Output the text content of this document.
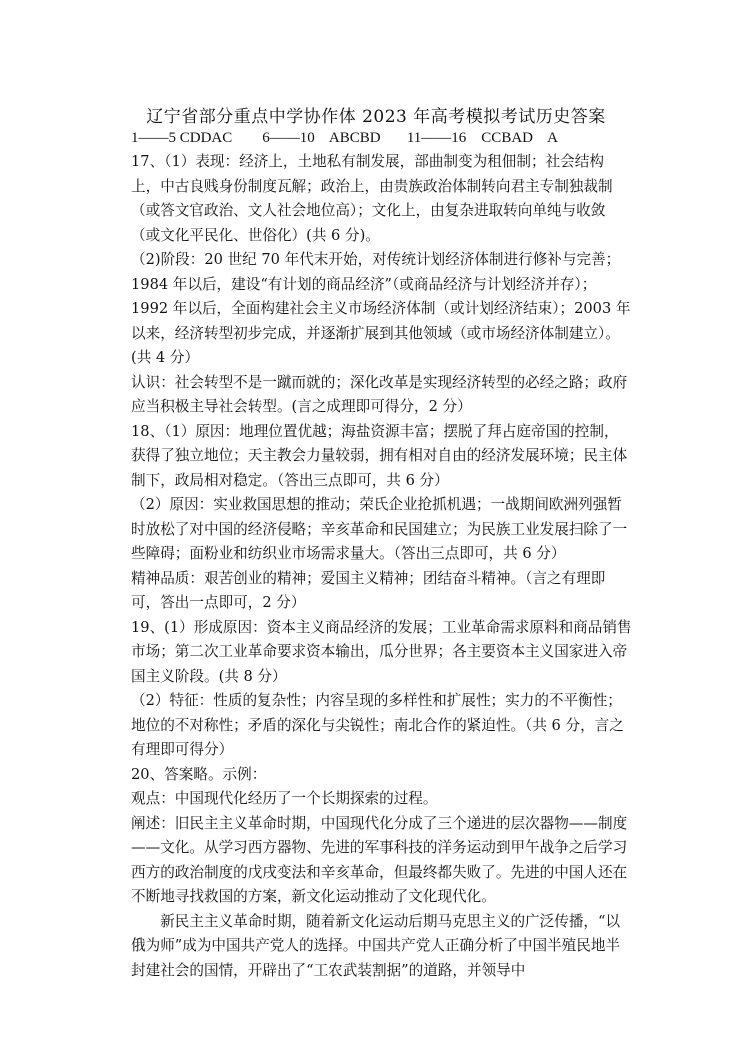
辽宁省部分重点中学协作体 2023 年高考模拟考试历史答案
1——5 CDDAC        6——10    ABCBD       11——16    CCBAD    A

17、（1）表现：经济上，土地私有制发展，部曲制变为租佃制；社会结构上，中古良贱身份制度瓦解；政治上，由贵族政治体制转向君主专制独裁制（或答文官政治、文人社会地位高）；文化上，由复杂进取转向单纯与收敛（或文化平民化、世俗化）(共 6 分)。

（2)阶段：20 世纪 70 年代末开始，对传统计划经济体制进行修补与完善；1984 年以后，建设“有计划的商品经济”（或商品经济与计划经济并存）；1992 年以后，全面构建社会主义市场经济体制（或计划经济结束）；2003 年以来，经济转型初步完成，并逐渐扩展到其他领域（或市场经济体制建立）。(共 4 分）

认识：社会转型不是一蹴而就的；深化改革是实现经济转型的必经之路；政府应当积极主导社会转型。(言之成理即可得分，2 分）

18、（1）原因：地理位置优越；海盐资源丰富；摆脱了拜占庭帝国的控制，获得了独立地位；天主教会力量较弱，拥有相对自由的经济发展环境；民主体制下，政局相对稳定。（答出三点即可，共 6 分）

（2）原因：实业救国思想的推动；荣氏企业抢抓机遇；一战期间欧洲列强暂时放松了对中国的经济侵略；辛亥革命和民国建立；为民族工业发展扫除了一些障碍；面粉业和纺织业市场需求量大。（答出三点即可，共 6 分）

精神品质：艰苦创业的精神；爱国主义精神；团结奋斗精神。（言之有理即可，答出一点即可，2 分）

19、(1）形成原因：资本主义商品经济的发展；工业革命需求原料和商品销售市场；第二次工业革命要求资本输出，瓜分世界；各主要资本主义国家进入帝国主义阶段。(共 8 分）

（2）特征：性质的复杂性；内容呈现的多样性和扩展性；实力的不平衡性；地位的不对称性；矛盾的深化与尖锐性；南北合作的紧迫性。（共 6 分，言之有理即可得分）

20、答案略。示例：

观点：中国现代化经历了一个长期探索的过程。

阐述：旧民主主义革命时期，中国现代化分成了三个递进的层次器物——制度——文化。从学习西方器物、先进的军事科技的洋务运动到甲午战争之后学习西方的政治制度的戊戌变法和辛亥革命，但最终都失败了。先进的中国人还在不断地寻找救国的方案，新文化运动推动了文化现代化。

新民主主义革命时期，随着新文化运动后期马克思主义的广泛传播，“以俄为师”成为中国共产党人的选择。中国共产党人正确分析了中国半殖民地半封建社会的国情，开辟出了“工农武装割据”的道路，并领导中
